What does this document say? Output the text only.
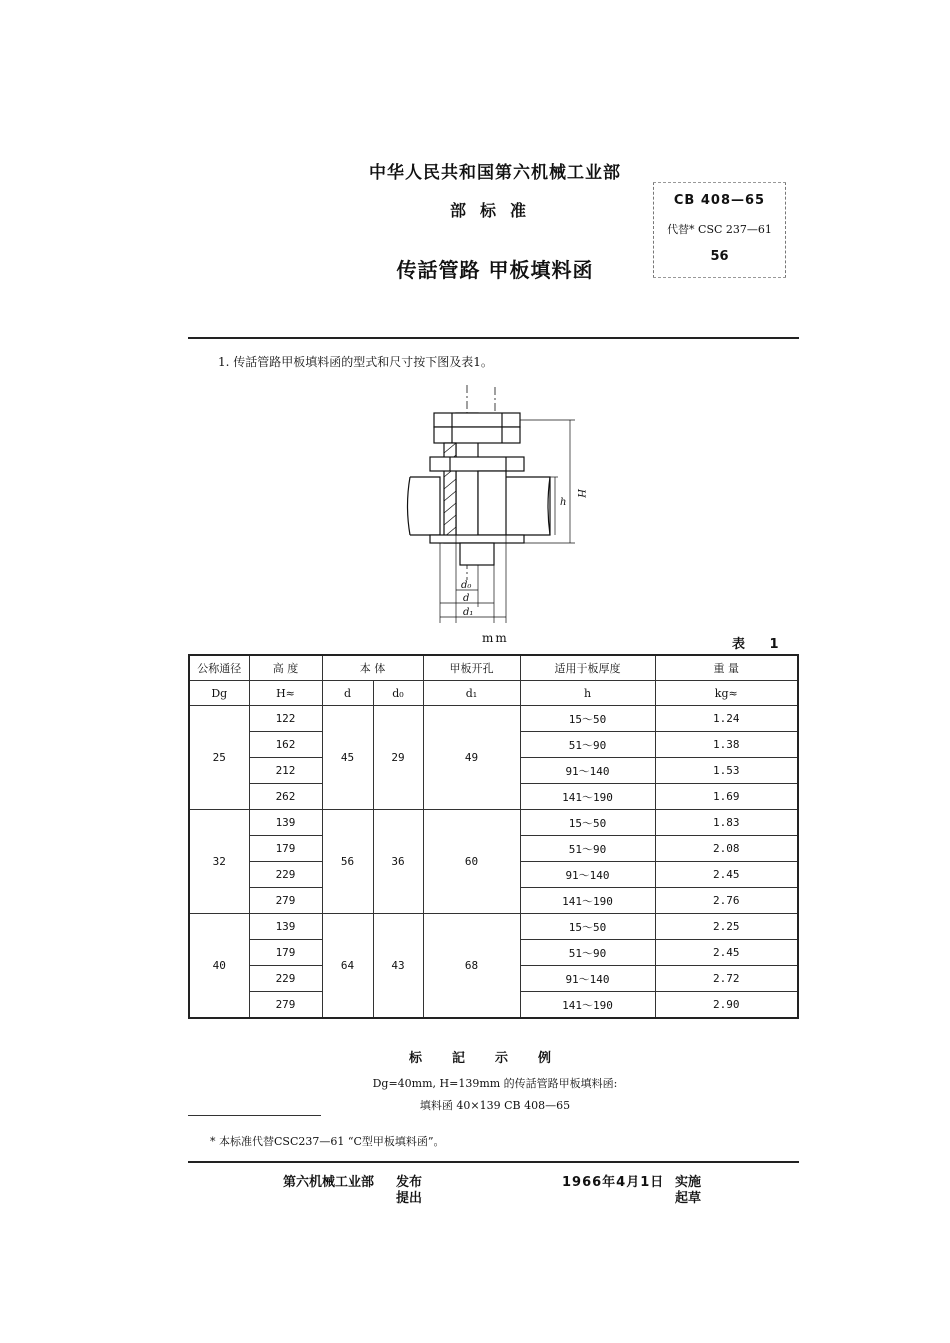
中华人民共和国第六机械工业部
部标准
传話管路 甲板填料函
CB 408—65
代替* CSC 237—61
56
1. 传話管路甲板填料函的型式和尺寸按下图及表1。
H
h
d₀
d
d₁
mm	表 1
公称通径	高 度	本 体		甲板开孔	适用于板厚度	重 量
Dg	H≈	d	d₀	d₁	h	kg≈
25	122	45	29	49	15～50	1.24
	162				51～90	1.38
	212				91～140	1.53
	262				141～190	1.69
32	139	56	36	60	15～50	1.83
	179				51～90	2.08
	229				91～140	2.45
	279				141～190	2.76
40	139	64	43	68	15～50	2.25
	179				51～90	2.45
	229				91～140	2.72
	279				141～190	2.90
标記示例
Dg=40mm, H=139mm 的传話管路甲板填料函:
填料函 40×139 CB 408—65
* 本标准代替CSC237—61 “C型甲板填料函”。
第六机械工业部 发布
提出
1966年4月1日 实施
起草
